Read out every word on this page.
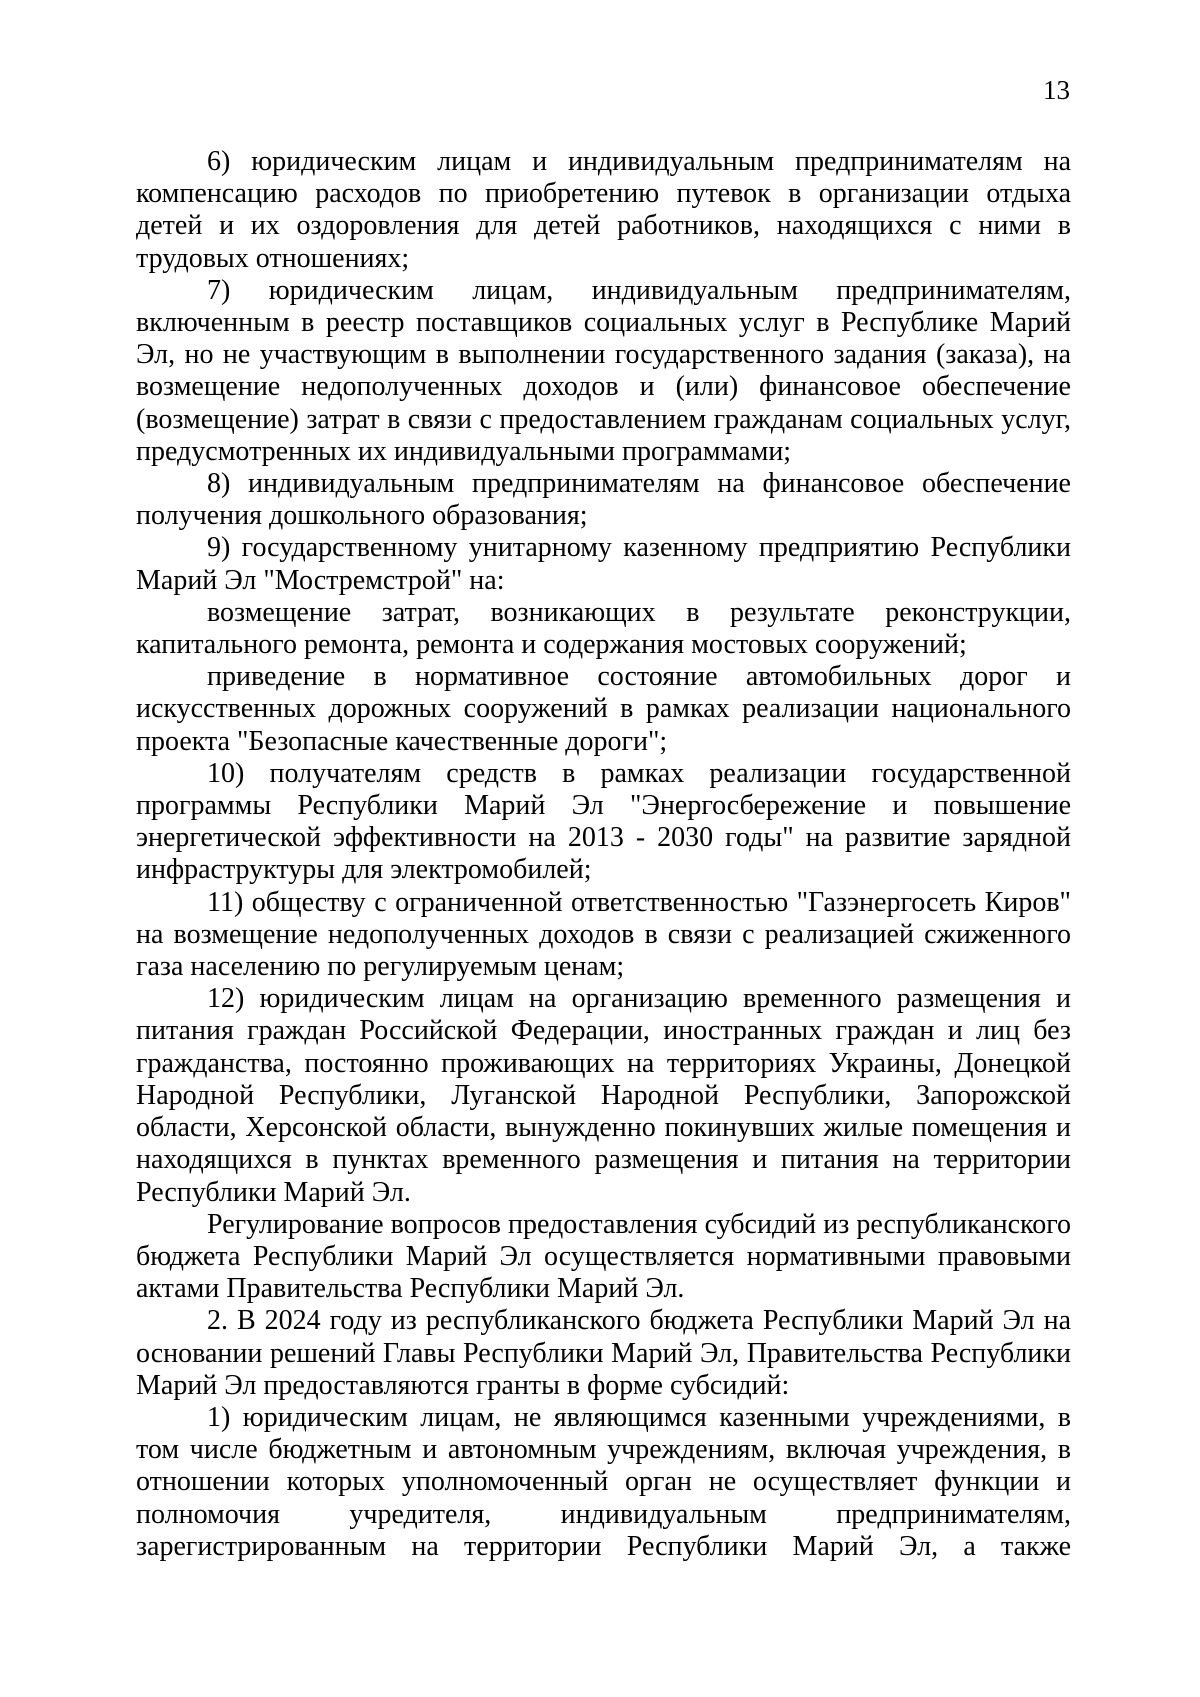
13

6) юридическим лицам и индивидуальным предпринимателям на компенсацию расходов по приобретению путевок в организации отдыха детей и их оздоровления для детей работников, находящихся с ними в трудовых отношениях;

7) юридическим лицам, индивидуальным предпринимателям, включенным в реестр поставщиков социальных услуг в Республике Марий Эл, но не участвующим в выполнении государственного задания (заказа), на возмещение недополученных доходов и (или) финансовое обеспечение (возмещение) затрат в связи с предоставлением гражданам социальных услуг, предусмотренных их индивидуальными программами;

8) индивидуальным предпринимателям на финансовое обеспечение получения дошкольного образования;

9) государственному унитарному казенному предприятию Республики Марий Эл "Мостремстрой" на:

возмещение затрат, возникающих в результате реконструкции, капитального ремонта, ремонта и содержания мостовых сооружений;

приведение в нормативное состояние автомобильных дорог и искусственных дорожных сооружений в рамках реализации национального проекта "Безопасные качественные дороги";

10) получателям средств в рамках реализации государственной программы Республики Марий Эл "Энергосбережение и повышение энергетической эффективности на 2013 - 2030 годы" на развитие зарядной инфраструктуры для электромобилей;

11) обществу с ограниченной ответственностью "Газэнергосеть Киров" на возмещение недополученных доходов в связи с реализацией сжиженного газа населению по регулируемым ценам;

12) юридическим лицам на организацию временного размещения и питания граждан Российской Федерации, иностранных граждан и лиц без гражданства, постоянно проживающих на территориях Украины, Донецкой Народной Республики, Луганской Народной Республики, Запорожской области, Херсонской области, вынужденно покинувших жилые помещения и находящихся в пунктах временного размещения и питания на территории Республики Марий Эл.

Регулирование вопросов предоставления субсидий из республиканского бюджета Республики Марий Эл осуществляется нормативными правовыми актами Правительства Республики Марий Эл.

2. В 2024 году из республиканского бюджета Республики Марий Эл на основании решений Главы Республики Марий Эл, Правительства Республики Марий Эл предоставляются гранты в форме субсидий:

1) юридическим лицам, не являющимся казенными учреждениями, в том числе бюджетным и автономным учреждениям, включая учреждения, в отношении которых уполномоченный орган не осуществляет функции и полномочия учредителя, индивидуальным предпринимателям, зарегистрированным на территории Республики Марий Эл, а также
